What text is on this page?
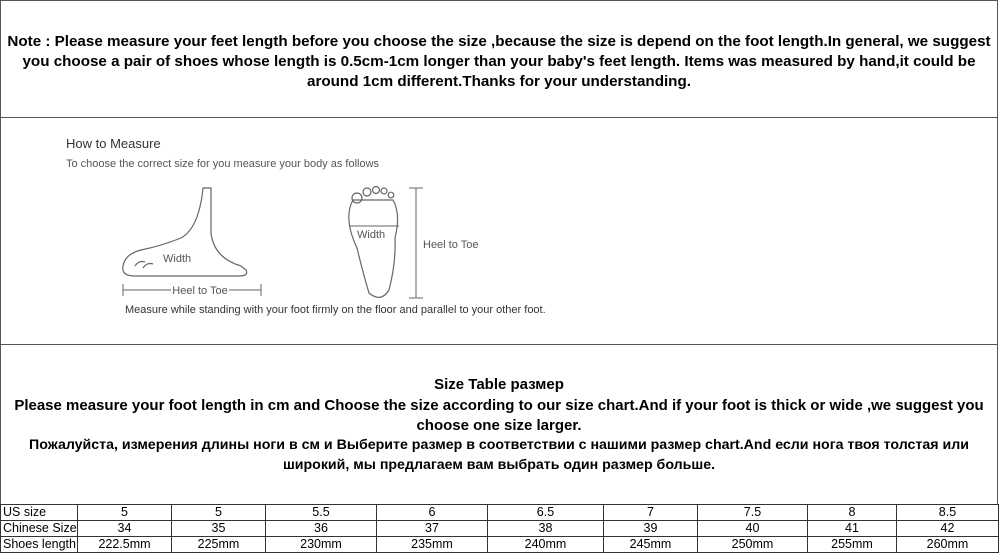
Note : Please measure your feet length before you choose the size ,because the size is depend on the foot length.In general, we suggest you choose a pair of shoes whose length is 0.5cm-1cm longer than your baby's feet length. Items was measured by hand,it could be around 1cm different.Thanks for your understanding.
How to Measure
To choose the correct size for you measure your body as follows
Heel to Toe
Width
Heel to Toe
Width
Measure while standing with your foot firmly on the floor and parallel to your other foot.
Size Table размер
Please measure your foot length in cm and Choose the size according to our size chart.And if your foot is thick or wide ,we suggest you choose one size larger.
Пожалуйста, измерения длины ноги в см и Выберите размер в соответствии с нашими размер chart.And если нога твоя толстая или широкий, мы предлагаем вам выбрать один размер больше.
US size	5	5	5.5	6	6.5	7	7.5	8	8.5
Chinese Size	34	35	36	37	38	39	40	41	42
Shoes length	222.5mm	225mm	230mm	235mm	240mm	245mm	250mm	255mm	260mm
